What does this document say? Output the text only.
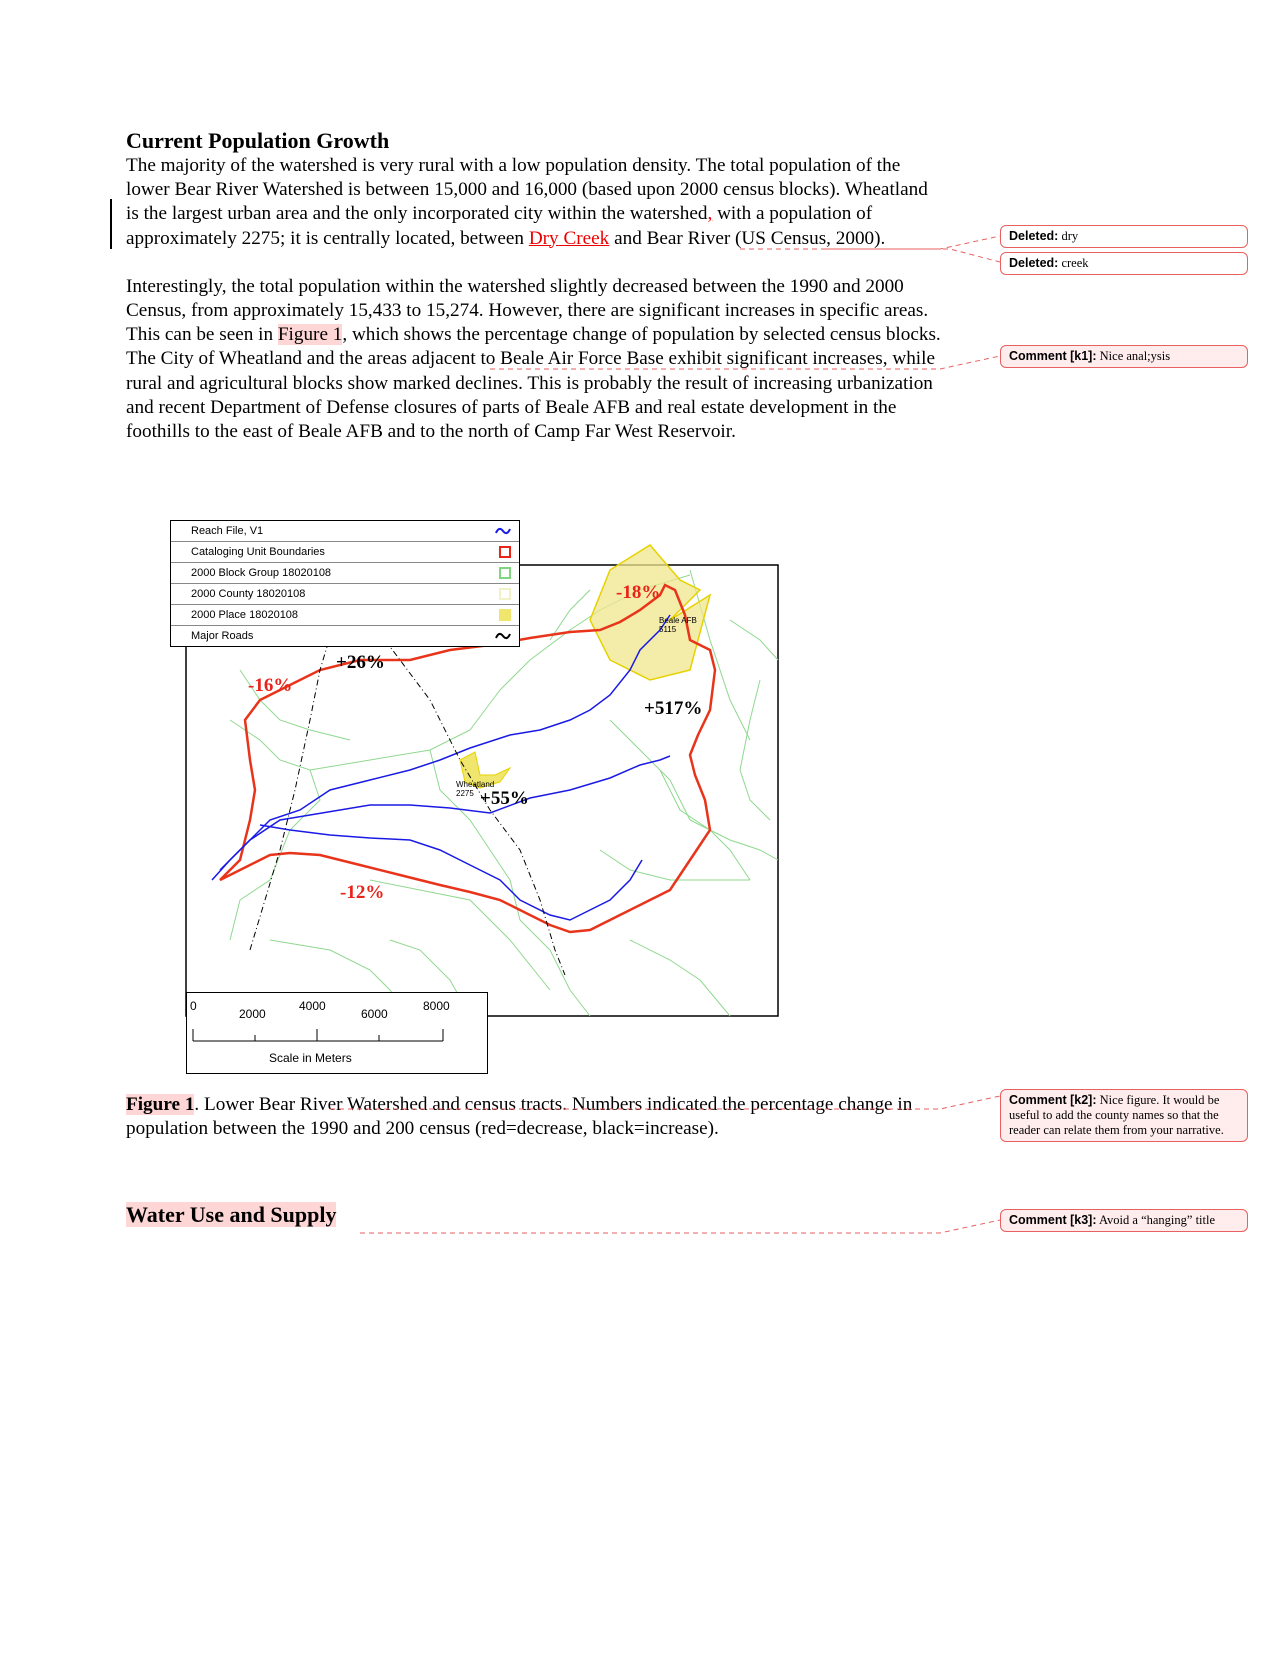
Current Population Growth

The majority of the watershed is very rural with a low population density. The total population of the lower Bear River Watershed is between 15,000 and 16,000 (based upon 2000 census blocks). Wheatland is the largest urban area and the only incorporated city within the watershed, with a population of approximately 2275; it is centrally located, between Dry Creek and Bear River (US Census, 2000).

Interestingly, the total population within the watershed slightly decreased between the 1990 and 2000 Census, from approximately 15,433 to 15,274. However, there are significant increases in specific areas. This can be seen in Figure 1, which shows the percentage change of population by selected census blocks. The City of Wheatland and the areas adjacent to Beale Air Force Base exhibit significant increases, while rural and agricultural blocks show marked declines. This is probably the result of increasing urbanization and recent Department of Defense closures of parts of Beale AFB and real estate development in the foothills to the east of Beale AFB and to the north of Camp Far West Reservoir.

Reach File, V1
Cataloging Unit Boundaries
2000 Block Group 18020108
2000 County 18020108
2000 Place 18020108
Major Roads
-18%
Beale AFB
5115
+26%
-16%
+517%
Wheatland
2275 +55%
-12%
0
2000
4000
6000
8000
Scale in Meters

Figure 1. Lower Bear River Watershed and census tracts. Numbers indicated the percentage change in population between the 1990 and 200 census (red=decrease, black=increase).

Water Use and Supply
Deleted: dry
Deleted: creek
Comment [k1]: Nice anal;ysis
Comment [k2]: Nice figure. It would be useful to add the county names so that the reader can relate them from your narrative.
Comment [k3]: Avoid a “hanging” title
